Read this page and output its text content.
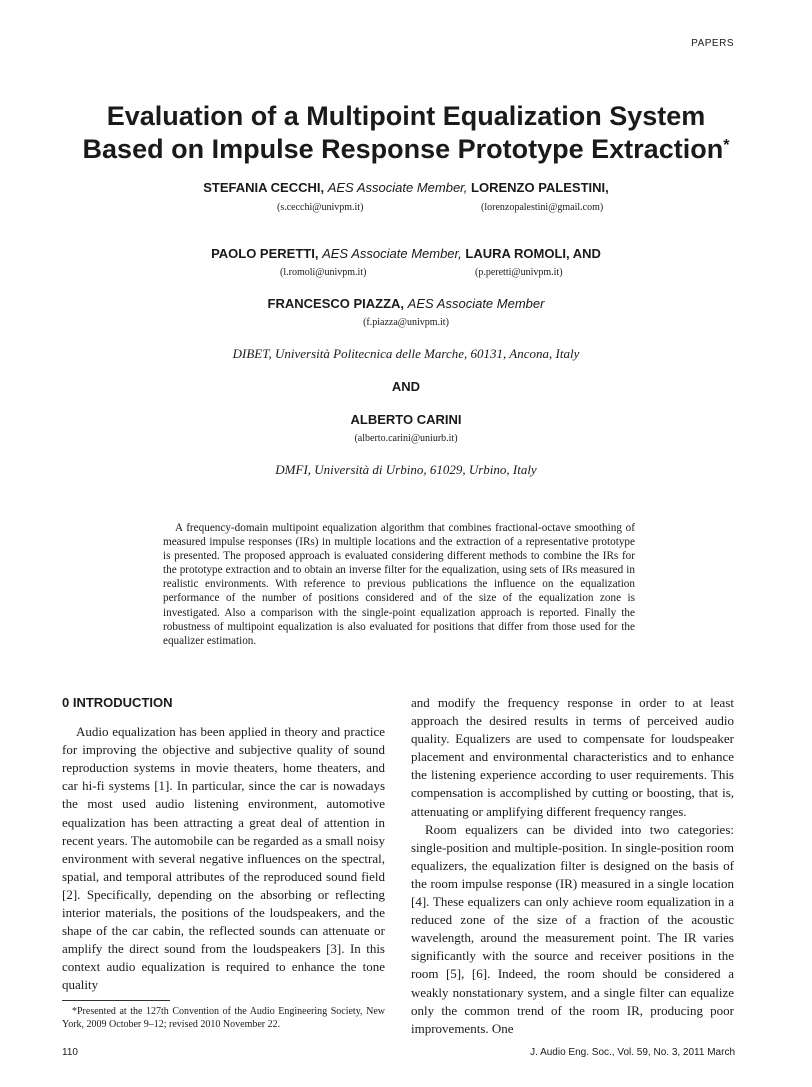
PAPERS
Evaluation of a Multipoint Equalization System
Based on Impulse Response Prototype Extraction*
STEFANIA CECCHI, AES Associate Member, LORENZO PALESTINI,
(s.cecchi@univpm.it)	(lorenzopalestini@gmail.com)
PAOLO PERETTI, AES Associate Member, LAURA ROMOLI, AND
(l.romoli@univpm.it)	(p.peretti@univpm.it)
FRANCESCO PIAZZA, AES Associate Member
(f.piazza@univpm.it)
DIBET, Università Politecnica delle Marche, 60131, Ancona, Italy
AND
ALBERTO CARINI
(alberto.carini@uniurb.it)
DMFI, Università di Urbino, 61029, Urbino, Italy

A frequency-domain multipoint equalization algorithm that combines fractional-octave smoothing of measured impulse responses (IRs) in multiple locations and the extraction of a representative prototype is presented. The proposed approach is evaluated considering different methods to combine the IRs for the prototype extraction and to obtain an inverse filter for the equalization, using sets of IRs measured in realistic environments. With reference to previous publications the influence on the equalization performance of the number of positions considered and of the size of the equalization zone is investigated. Also a comparison with the single-point equalization approach is reported. Finally the robustness of multipoint equalization is also evaluated for positions that differ from those used for the equalizer estimation.

0 INTRODUCTION

Audio equalization has been applied in theory and practice for improving the objective and subjective quality of sound reproduction systems in movie theaters, home theaters, and car hi-fi systems [1]. In particular, since the car is nowadays the most used audio listening environment, automotive equalization has been attracting a great deal of attention in recent years. The automobile can be regarded as a small noisy environment with several negative influences on the spectral, spatial, and temporal attributes of the reproduced sound field [2]. Specifically, depending on the absorbing or reflecting interior materials, the positions of the loudspeakers, and the shape of the car cabin, the reflected sounds can attenuate or amplify the direct sound from the loudspeakers [3]. In this context audio equalization is required to enhance the tone quality

and modify the frequency response in order to at least approach the desired results in terms of perceived audio quality. Equalizers are used to compensate for loudspeaker placement and environmental characteristics and to enhance the listening experience according to user requirements. This compensation is accomplished by cutting or boosting, that is, attenuating or amplifying different frequency ranges.

Room equalizers can be divided into two categories: single-position and multiple-position. In single-position room equalizers, the equalization filter is designed on the basis of the room impulse response (IR) measured in a single location [4]. These equalizers can only achieve room equalization in a reduced zone of the size of a fraction of the acoustic wavelength, around the measurement point. The IR varies significantly with the source and receiver positions in the room [5], [6]. Indeed, the room should be considered a weakly nonstationary system, and a single filter can equalize only the common trend of the room IR, producing poor improvements. One

*Presented at the 127th Convention of the Audio Engineering Society, New York, 2009 October 9–12; revised 2010 November 22.

110	J. Audio Eng. Soc., Vol. 59, No. 3, 2011 March
